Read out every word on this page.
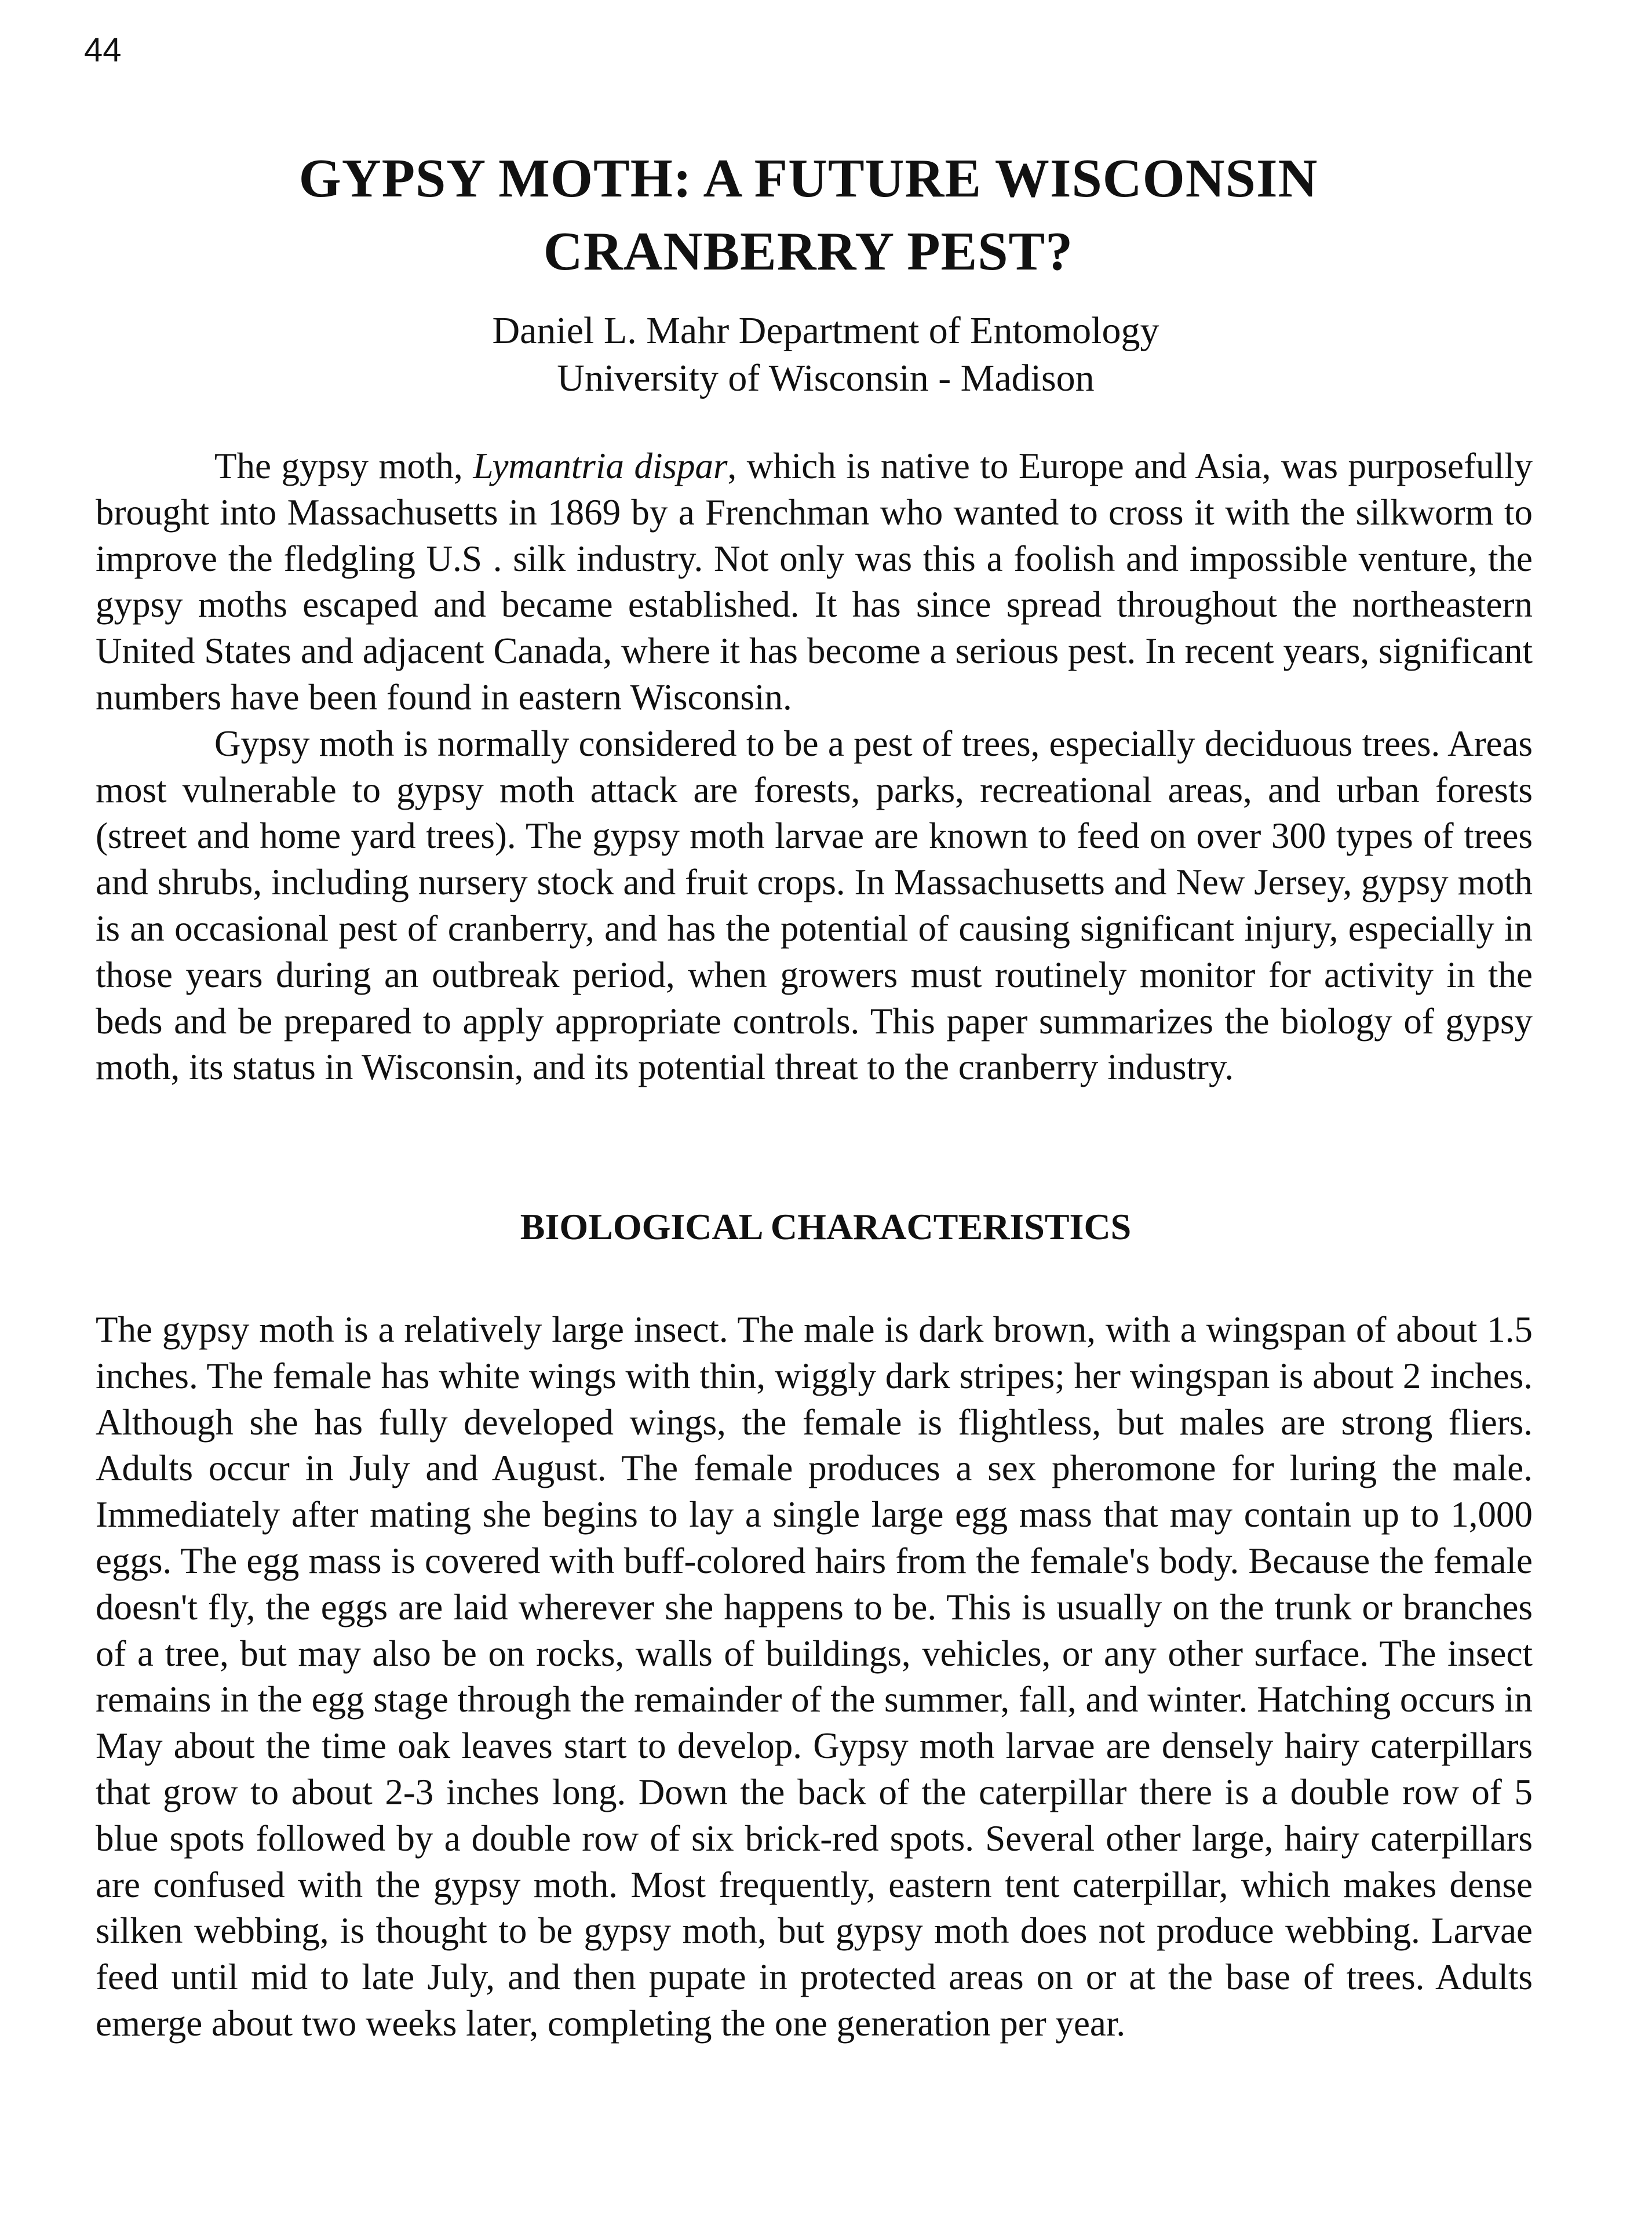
44
GYPSY MOTH: A FUTURE WISCONSIN CRANBERRY PEST?
Daniel L. Mahr Department of Entomology
University of Wisconsin - Madison

The gypsy moth, Lymantria dispar, which is native to Europe and Asia, was purposefully brought into Massachusetts in 1869 by a Frenchman who wanted to cross it with the silkworm to improve the fledgling U.S . silk industry. Not only was this a foolish and impossible venture, the gypsy moths escaped and became established. It has since spread throughout the northeastern United States and adjacent Canada, where it has become a serious pest. In recent years, significant numbers have been found in eastern Wisconsin.

Gypsy moth is normally considered to be a pest of trees, especially deciduous trees. Areas most vulnerable to gypsy moth attack are forests, parks, recreational areas, and urban forests (street and home yard trees). The gypsy moth larvae are known to feed on over 300 types of trees and shrubs, including nursery stock and fruit crops. In Massachusetts and New Jersey, gypsy moth is an occasional pest of cranberry, and has the potential of causing significant injury, especially in those years during an outbreak period, when growers must routinely monitor for activity in the beds and be prepared to apply appropriate controls. This paper summarizes the biology of gypsy moth, its status in Wisconsin, and its potential threat to the cranberry industry.

BIOLOGICAL CHARACTERISTICS

The gypsy moth is a relatively large insect. The male is dark brown, with a wingspan of about 1.5 inches. The female has white wings with thin, wiggly dark stripes; her wingspan is about 2 inches. Although she has fully developed wings, the female is flightless, but males are strong fliers. Adults occur in July and August. The female produces a sex pheromone for luring the male. Immediately after mating she begins to lay a single large egg mass that may contain up to 1,000 eggs. The egg mass is covered with buff-colored hairs from the female's body. Because the female doesn't fly, the eggs are laid wherever she happens to be. This is usually on the trunk or branches of a tree, but may also be on rocks, walls of buildings, vehicles, or any other surface. The insect remains in the egg stage through the remainder of the summer, fall, and winter. Hatching occurs in May about the time oak leaves start to develop. Gypsy moth larvae are densely hairy caterpillars that grow to about 2-3 inches long. Down the back of the caterpillar there is a double row of 5 blue spots followed by a double row of six brick-red spots. Several other large, hairy caterpillars are confused with the gypsy moth. Most frequently, eastern tent caterpillar, which makes dense silken webbing, is thought to be gypsy moth, but gypsy moth does not produce webbing. Larvae feed until mid to late July, and then pupate in protected areas on or at the base of trees. Adults emerge about two weeks later, completing the one generation per year.
